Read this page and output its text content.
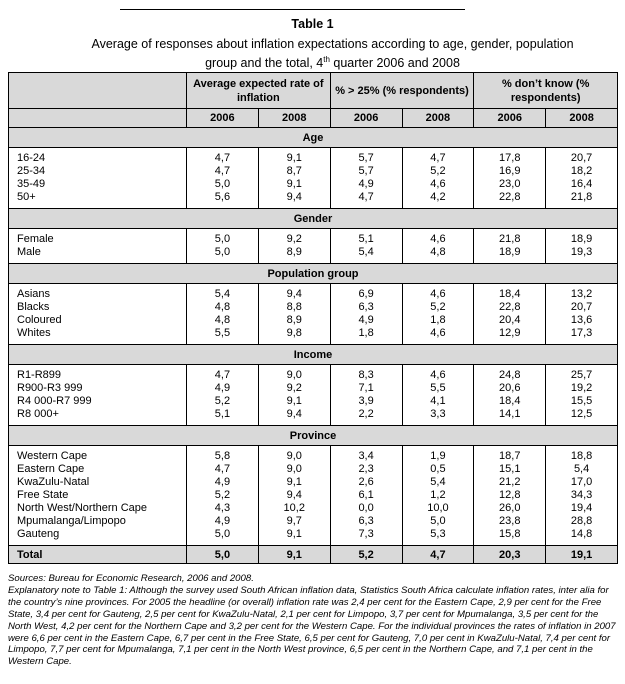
Table 1
Average of responses about inflation expectations according to age, gender, population
group and the total, 4th quarter 2006 and 2008
	Average expected rate of inflation		% > 25% (% respondents)		% don’t know (% respondents)	
	2006	2008	2006	2008	2006	2008
Age						

16-24	4,7	9,1	5,7	4,7	17,8	20,7
25-34	4,7	8,7	5,7	5,2	16,9	18,2
35-49	5,0	9,1	4,9	4,6	23,0	16,4
50+	5,6	9,4	4,7	4,2	22,8	21,8

Gender						

Female	5,0	9,2	5,1	4,6	21,8	18,9
Male	5,0	8,9	5,4	4,8	18,9	19,3

Population group						

Asians	5,4	9,4	6,9	4,6	18,4	13,2
Blacks	4,8	8,8	6,3	5,2	22,8	20,7
Coloured	4,8	8,9	4,9	1,8	20,4	13,6
Whites	5,5	9,8	1,8	4,6	12,9	17,3

Income						

R1-R899	4,7	9,0	8,3	4,6	24,8	25,7
R900-R3 999	4,9	9,2	7,1	5,5	20,6	19,2
R4 000-R7 999	5,2	9,1	3,9	4,1	18,4	15,5
R8 000+	5,1	9,4	2,2	3,3	14,1	12,5

Province						

Western Cape	5,8	9,0	3,4	1,9	18,7	18,8
Eastern Cape	4,7	9,0	2,3	0,5	15,1	5,4
KwaZulu-Natal	4,9	9,1	2,6	5,4	21,2	17,0
Free State	5,2	9,4	6,1	1,2	12,8	34,3
North West/Northern Cape	4,3	10,2	0,0	10,0	26,0	19,4
Mpumalanga/Limpopo	4,9	9,7	6,3	5,0	23,8	28,8
Gauteng	5,0	9,1	7,3	5,3	15,8	14,8

Total	5,0	9,1	5,2	4,7	20,3	19,1

Sources: Bureau for Economic Research, 2006 and 2008.

Explanatory note to Table 1: Although the survey used South African inflation data, Statistics South Africa calculate inflation rates, inter alia for the country’s nine provinces. For 2005 the headline (or overall) inflation rate was 2,4 per cent for the Eastern Cape, 2,9 per cent for the Free State, 3,4 per cent for Gauteng, 2,5 per cent for KwaZulu-Natal, 2,1 per cent for Limpopo, 3,7 per cent for Mpumalanga, 3,5 per cent for the North West, 4,2 per cent for the Northern Cape and 3,2 per cent for the Western Cape. For the individual provinces the rates of inflation in 2007 were 6,6 per cent in the Eastern Cape, 6,7 per cent in the Free State, 6,5 per cent for Gauteng, 7,0 per cent in KwaZulu-Natal, 7,4 per cent for Limpopo, 7,7 per cent for Mpumalanga, 7,1 per cent in the North West province, 6,5 per cent in the Northern Cape, and 7,1 per cent in the Western Cape.
